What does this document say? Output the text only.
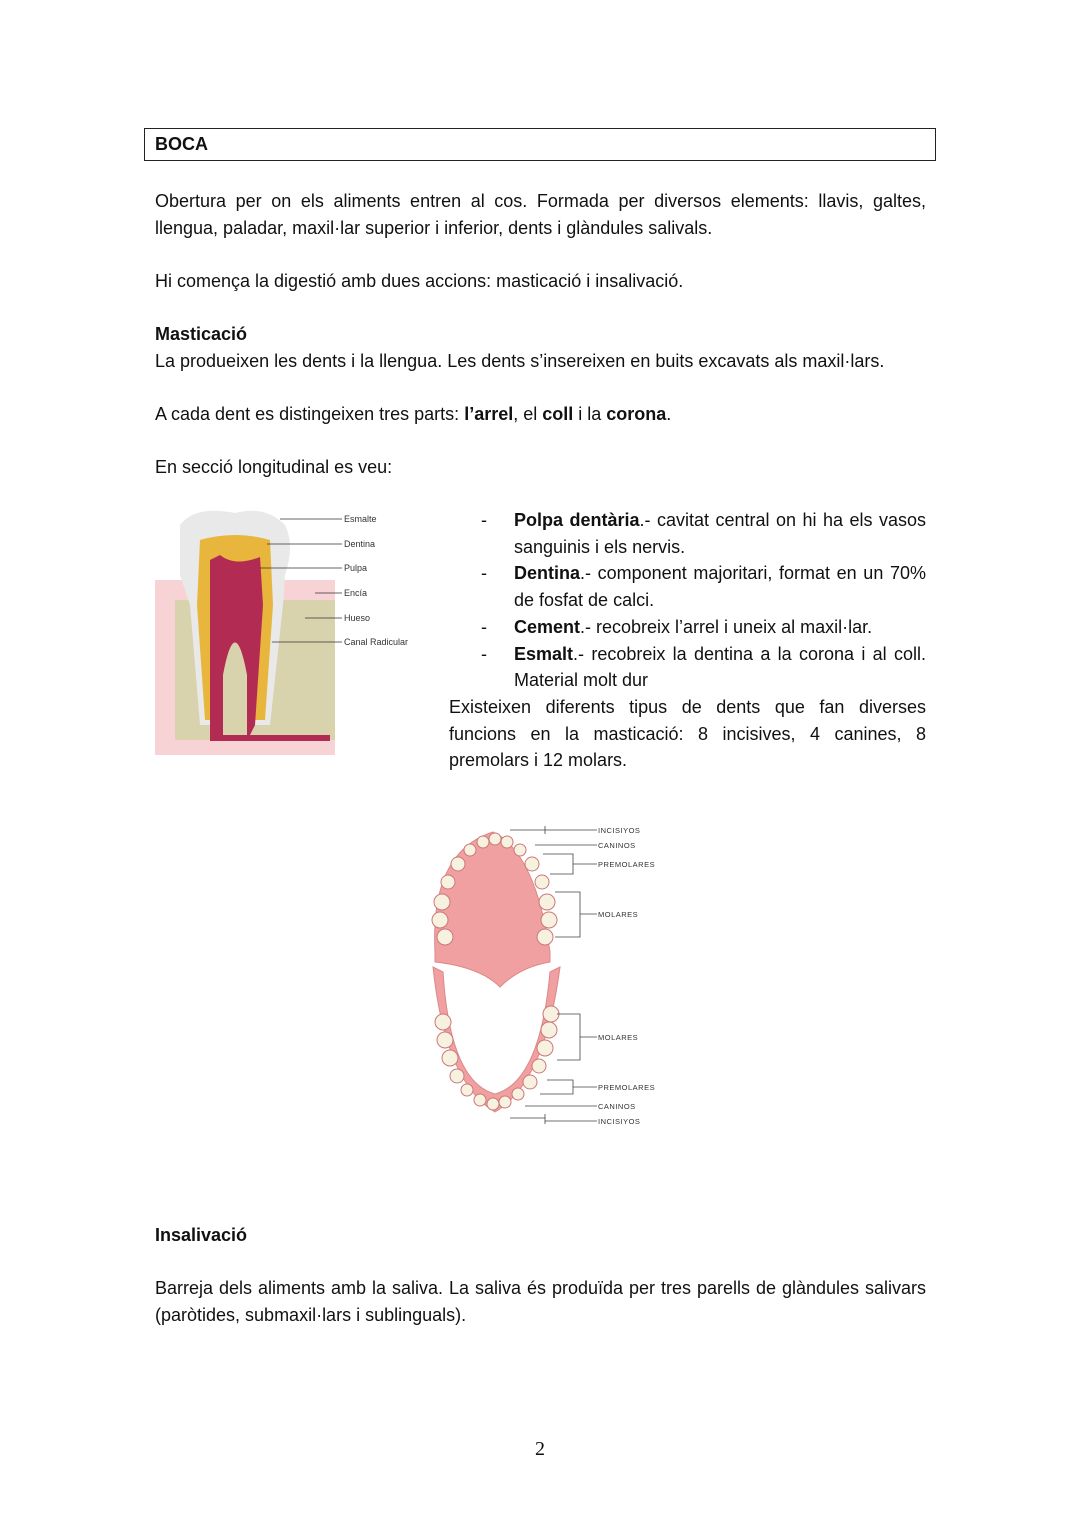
BOCA
Obertura per on els aliments entren al cos. Formada per diversos elements: llavis, galtes, llengua, paladar, maxil·lar superior i inferior, dents i glàndules salivals.
Hi comença la digestió amb dues accions: masticació i insalivació.
Masticació
La produeixen les dents i la llengua. Les dents s’insereixen en buits excavats als maxil·lars.
A cada dent es distingeixen tres parts: l’arrel, el coll i la corona.
En secció longitudinal es veu:
Esmalte
Dentina
Pulpa
Encía
Hueso
Canal Radicular
- Polpa dentària.- cavitat central on hi ha els vasos sanguinis i els nervis.
- Dentina.- component majoritari, format en un 70% de fosfat de calci.
- Cement.- recobreix l’arrel i uneix al maxil·lar.
- Esmalt.- recobreix la dentina a la corona i al coll. Material molt dur
Existeixen diferents tipus de dents que fan diverses funcions en la masticació: 8 incisives, 4 canines, 8 premolars i 12 molars.
INCISIYOS
CANINOS
PREMOLARES
MOLARES
MOLARES
PREMOLARES
CANINOS
INCISIYOS
Insalivació
Barreja dels aliments amb la saliva. La saliva és produïda per tres parells de glàndules salivars (paròtides, submaxil·lars i sublinguals).
2
